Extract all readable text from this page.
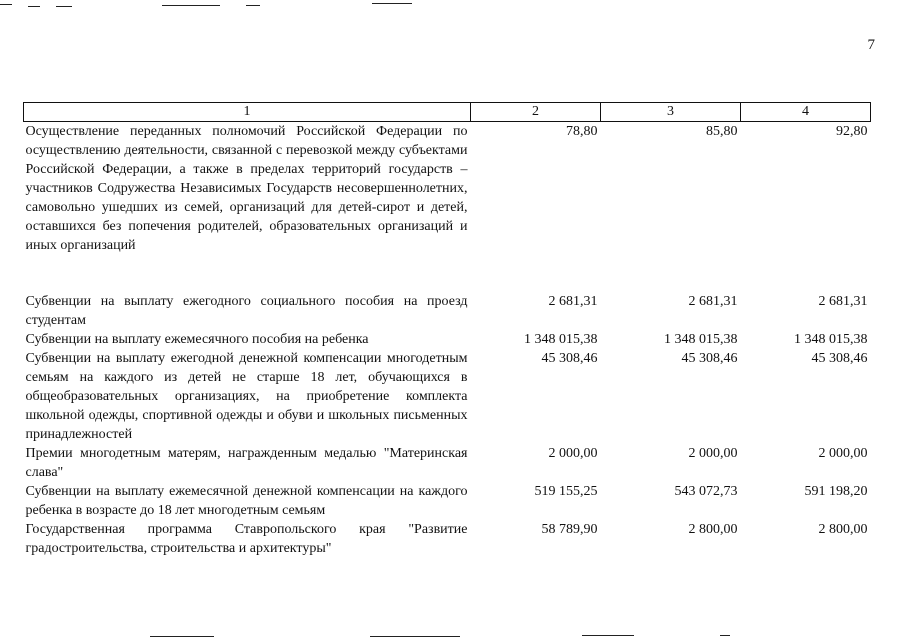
7
1	2	3	4
Осуществление переданных полномочий Российской Федерации по осуществлению деятельности, связанной с перевозкой между субъектами Российской Федерации, а также в пределах территорий государств – участников Содружества Независимых Государств несовершеннолетних, самовольно ушедших из семей, организаций для детей-сирот и детей, оставшихся без попечения родителей, образовательных организаций и иных организаций	78,80	85,80	92,80
Субвенции на выплату ежегодного социального пособия на проезд студентам	2 681,31	2 681,31	2 681,31
Субвенции на выплату ежемесячного пособия на ребенка	1 348 015,38	1 348 015,38	1 348 015,38
Субвенции на выплату ежегодной денежной компенсации многодетным семьям на каждого из детей не старше 18 лет, обучающихся в общеобразовательных организациях, на приобретение комплекта школьной одежды, спортивной одежды и обуви и школьных письменных принадлежностей	45 308,46	45 308,46	45 308,46
Премии многодетным матерям, награжденным медалью "Материнская слава"	2 000,00	2 000,00	2 000,00
Субвенции на выплату ежемесячной денежной компенсации на каждого ребенка в возрасте до 18 лет многодетным семьям	519 155,25	543 072,73	591 198,20
Государственная программа Ставропольского края "Развитие градостроительства, строительства и архитектуры"	58 789,90	2 800,00	2 800,00
